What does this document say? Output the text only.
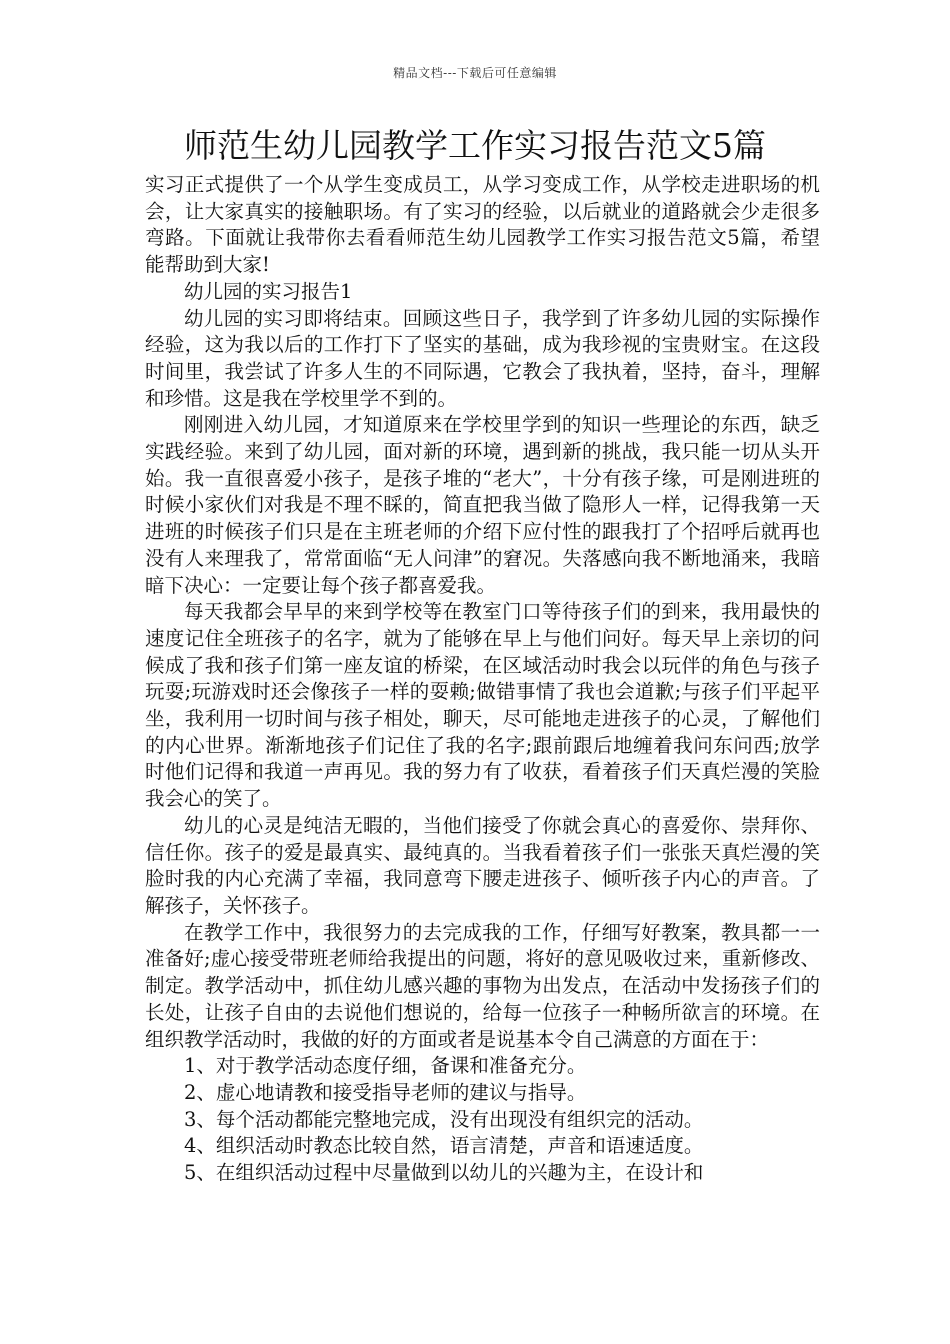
精品文档---下载后可任意编辑
师范生幼儿园教学工作实习报告范文5篇

实习正式提供了一个从学生变成员工，从学习变成工作，从学校走进职场的机会，让大家真实的接触职场。有了实习的经验，以后就业的道路就会少走很多弯路。下面就让我带你去看看师范生幼儿园教学工作实习报告范文5篇，希望能帮助到大家!

幼儿园的实习报告1

幼儿园的实习即将结束。回顾这些日子，我学到了许多幼儿园的实际操作经验，这为我以后的工作打下了坚实的基础，成为我珍视的宝贵财宝。在这段时间里，我尝试了许多人生的不同际遇，它教会了我执着，坚持，奋斗，理解和珍惜。这是我在学校里学不到的。

刚刚进入幼儿园，才知道原来在学校里学到的知识一些理论的东西，缺乏实践经验。来到了幼儿园，面对新的环境，遇到新的挑战，我只能一切从头开始。我一直很喜爱小孩子，是孩子堆的“老大”，十分有孩子缘，可是刚进班的时候小家伙们对我是不理不睬的，简直把我当做了隐形人一样，记得我第一天进班的时候孩子们只是在主班老师的介绍下应付性的跟我打了个招呼后就再也没有人来理我了，常常面临“无人问津”的窘况。失落感向我不断地涌来，我暗暗下决心：一定要让每个孩子都喜爱我。

每天我都会早早的来到学校等在教室门口等待孩子们的到来，我用最快的速度记住全班孩子的名字，就为了能够在早上与他们问好。每天早上亲切的问候成了我和孩子们第一座友谊的桥梁，在区域活动时我会以玩伴的角色与孩子玩耍;玩游戏时还会像孩子一样的耍赖;做错事情了我也会道歉;与孩子们平起平坐，我利用一切时间与孩子相处，聊天，尽可能地走进孩子的心灵，了解他们的内心世界。渐渐地孩子们记住了我的名字;跟前跟后地缠着我问东问西;放学时他们记得和我道一声再见。我的努力有了收获，看着孩子们天真烂漫的笑脸我会心的笑了。

幼儿的心灵是纯洁无暇的，当他们接受了你就会真心的喜爱你、崇拜你、信任你。孩子的爱是最真实、最纯真的。当我看着孩子们一张张天真烂漫的笑脸时我的内心充满了幸福，我同意弯下腰走进孩子、倾听孩子内心的声音。了解孩子，关怀孩子。

在教学工作中，我很努力的去完成我的工作，仔细写好教案，教具都一一准备好;虚心接受带班老师给我提出的问题，将好的意见吸收过来，重新修改、制定。教学活动中，抓住幼儿感兴趣的事物为出发点，在活动中发扬孩子们的长处，让孩子自由的去说他们想说的，给每一位孩子一种畅所欲言的环境。在组织教学活动时，我做的好的方面或者是说基本令自己满意的方面在于：

1、对于教学活动态度仔细，备课和准备充分。

2、虚心地请教和接受指导老师的建议与指导。

3、每个活动都能完整地完成，没有出现没有组织完的活动。

4、组织活动时教态比较自然，语言清楚，声音和语速适度。

5、在组织活动过程中尽量做到以幼儿的兴趣为主，在设计和
